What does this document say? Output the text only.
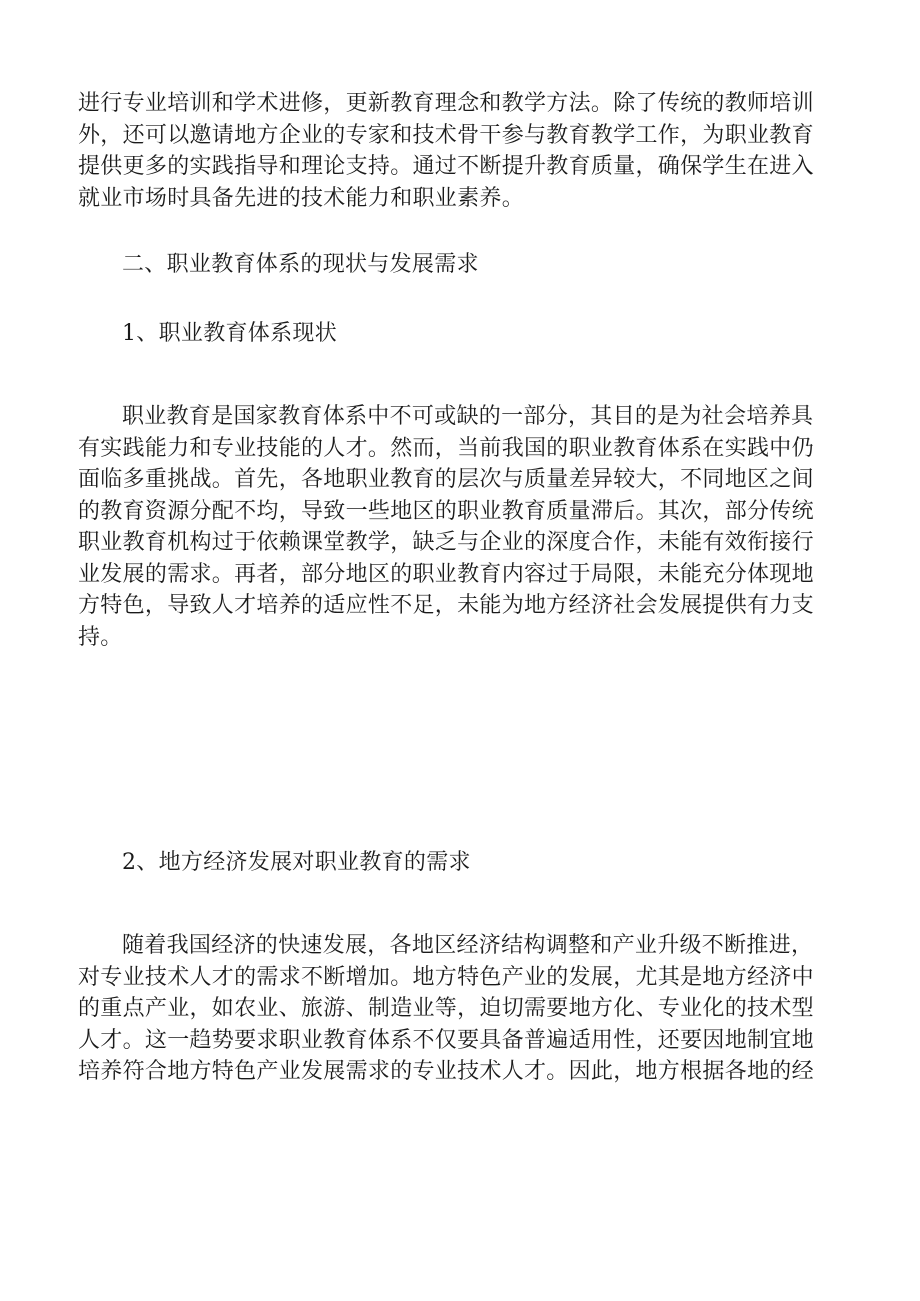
进行专业培训和学术进修，更新教育理念和教学方法。除了传统的教师培训
外，还可以邀请地方企业的专家和技术骨干参与教育教学工作，为职业教育
提供更多的实践指导和理论支持。通过不断提升教育质量，确保学生在进入
就业市场时具备先进的技术能力和职业素养。

二、职业教育体系的现状与发展需求
1、职业教育体系现状

职业教育是国家教育体系中不可或缺的一部分，其目的是为社会培养具
有实践能力和专业技能的人才。然而，当前我国的职业教育体系在实践中仍
面临多重挑战。首先，各地职业教育的层次与质量差异较大，不同地区之间
的教育资源分配不均，导致一些地区的职业教育质量滞后。其次，部分传统
职业教育机构过于依赖课堂教学，缺乏与企业的深度合作，未能有效衔接行
业发展的需求。再者，部分地区的职业教育内容过于局限，未能充分体现地
方特色，导致人才培养的适应性不足，未能为地方经济社会发展提供有力支
持。

2、地方经济发展对职业教育的需求

随着我国经济的快速发展，各地区经济结构调整和产业升级不断推进，
对专业技术人才的需求不断增加。地方特色产业的发展，尤其是地方经济中
的重点产业，如农业、旅游、制造业等，迫切需要地方化、专业化的技术型
人才。这一趋势要求职业教育体系不仅要具备普遍适用性，还要因地制宜地
培养符合地方特色产业发展需求的专业技术人才。因此，地方根据各地的经
